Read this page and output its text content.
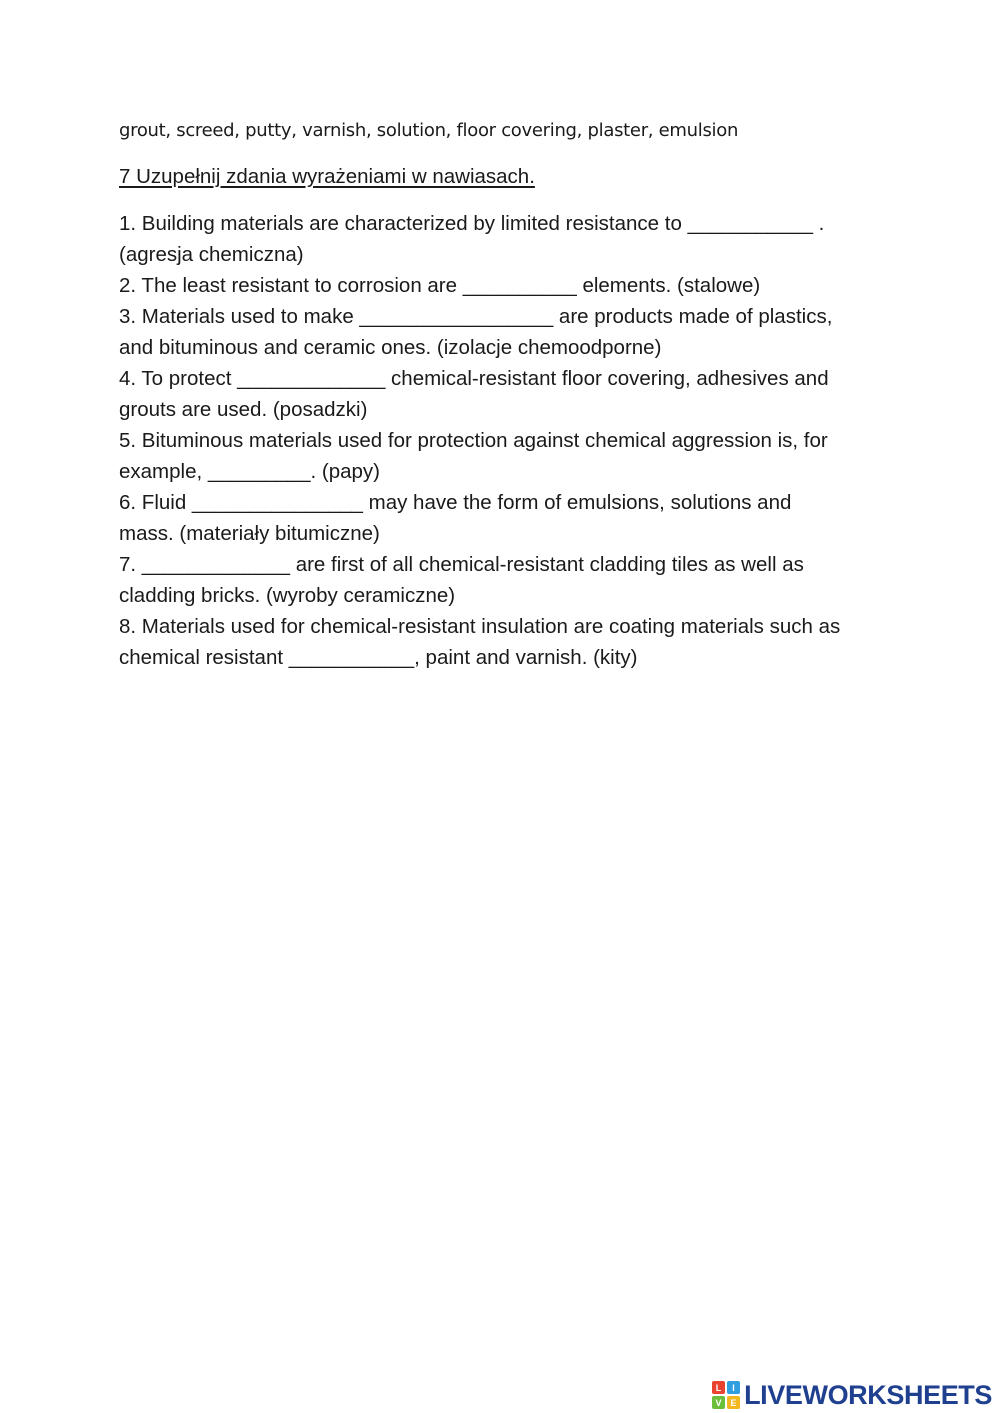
grout, screed, putty, varnish, solution, floor covering, plaster, emulsion
7 Uzupełnij zdania wyrażeniami w nawiasach.
1. Building materials are characterized by limited resistance to ___________ .
(agresja chemiczna)
2. The least resistant to corrosion are __________ elements. (stalowe)
3. Materials used to make _________________ are products made of plastics,
and bituminous and ceramic ones. (izolacje chemoodporne)
4. To protect _____________ chemical-resistant floor covering, adhesives and
grouts are used. (posadzki)
5. Bituminous materials used for protection against chemical aggression is, for
example, _________. (papy)
6. Fluid _______________ may have the form of emulsions, solutions and
mass. (materiały bitumiczne)
7. _____________ are first of all chemical-resistant cladding tiles as well as
cladding bricks. (wyroby ceramiczne)
8. Materials used for chemical-resistant insulation are coating materials such as
chemical resistant ___________, paint and varnish. (kity)
L I
V E LIVEWORKSHEETS
